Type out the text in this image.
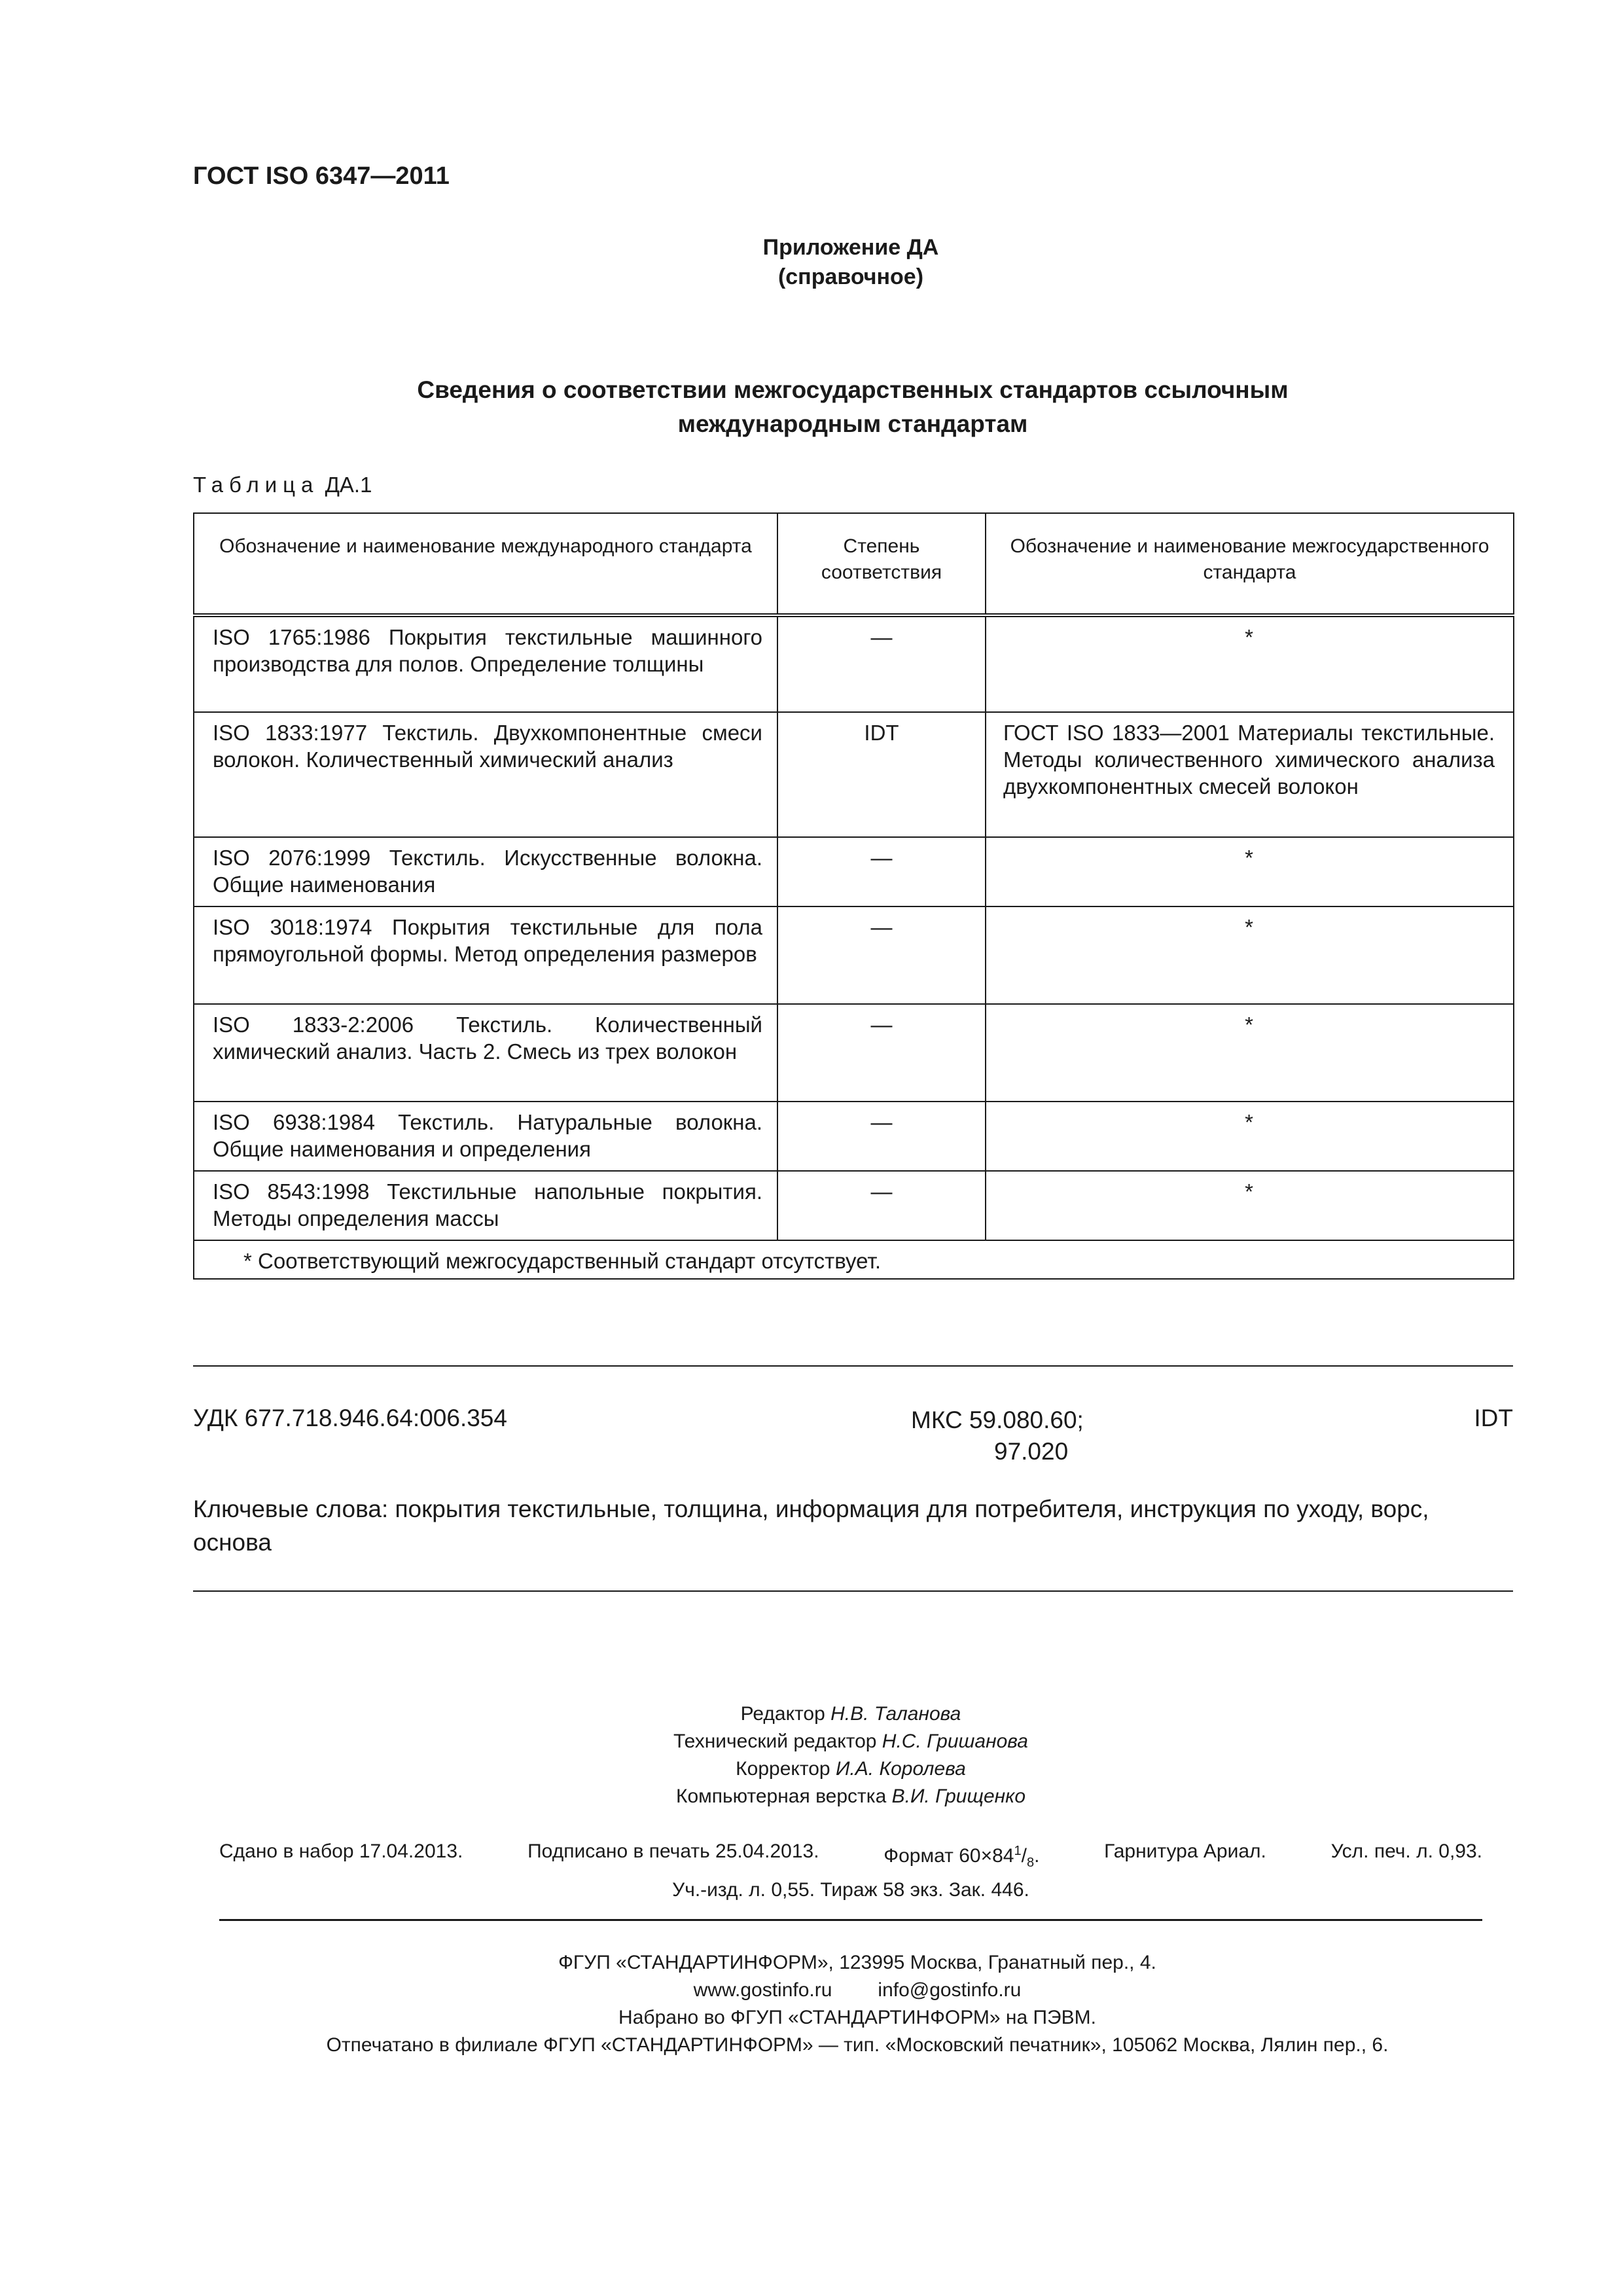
ГОСТ ISO 6347—2011
Приложение ДА
(справочное)
Сведения о соответствии межгосударственных стандартов ссылочным
международным стандартам
Таблица ДА.1
Обозначение и наименование международного стандарта	Степень соответствия	Обозначение и наименование межгосударственного стандарта
ISO 1765:1986 Покрытия текстильные машинного производства для полов. Определение толщины	—	*
ISO 1833:1977 Текстиль. Двухкомпонентные смеси волокон. Количественный химический анализ	IDT	ГОСТ ISO 1833—2001 Материалы текстильные. Методы количественного химического анализа двухкомпонентных смесей волокон
ISO 2076:1999 Текстиль. Искусственные волокна. Общие наименования	—	*
ISO 3018:1974 Покрытия текстильные для пола прямоугольной формы. Метод определения размеров	—	*
ISO 1833-2:2006 Текстиль. Количественный химический анализ. Часть 2. Смесь из трех волокон	—	*
ISO 6938:1984 Текстиль. Натуральные волокна. Общие наименования и определения	—	*
ISO 8543:1998 Текстильные напольные покрытия. Методы определения массы	—	*
* Соответствующий межгосударственный стандарт отсутствует.		
УДК 677.718.946.64:006.354	МКС 59.080.60;
97.020
IDT
Ключевые слова: покрытия текстильные, толщина, информация для потребителя, инструкция по уходу, ворс, основа
Редактор Н.В. Таланова
Технический редактор Н.С. Гришанова
Корректор И.А. Королева
Компьютерная верстка В.И. Грищенко
Сдано в набор 17.04.2013.	Подписано в печать 25.04.2013.	Формат $60\times 84^1/_8$.	Гарнитура Ариал.	Усл. печ. л. 0,93.
Уч.-изд. л. 0,55. Тираж 58 экз. Зак. 446.
ФГУП «СТАНДАРТИНФОРМ», 123995 Москва, Гранатный пер., 4.
www.gostinfo.ru info@gostinfo.ru
Набрано во ФГУП «СТАНДАРТИНФОРМ» на ПЭВМ.
Отпечатано в филиале ФГУП «СТАНДАРТИНФОРМ» — тип. «Московский печатник», 105062 Москва, Лялин пер., 6.
